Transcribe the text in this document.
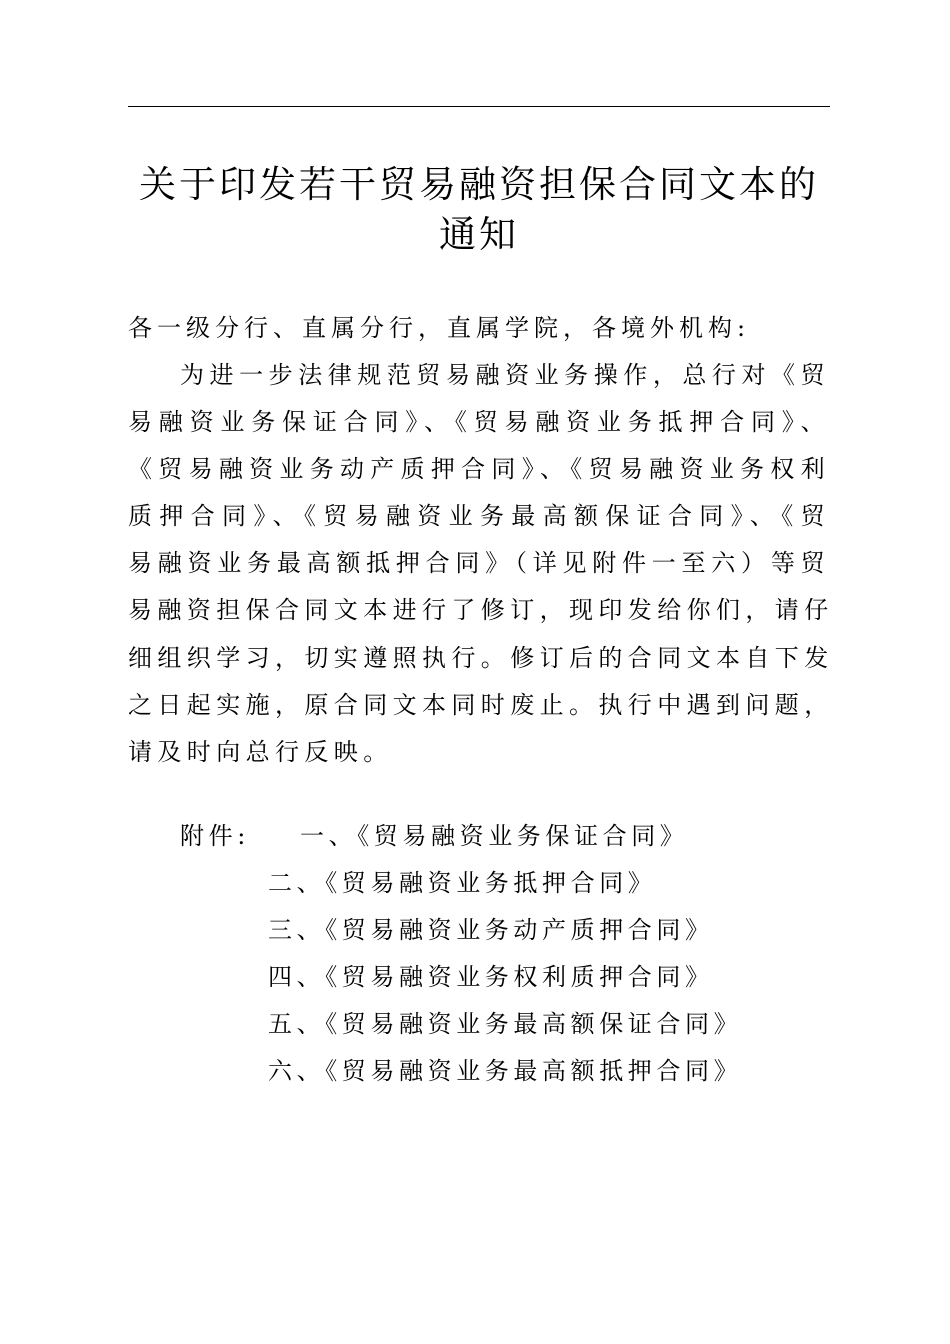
关于印发若干贸易融资担保合同文本的
通知
各一级分行、直属分行，直属学院，各境外机构:
为进一步法律规范贸易融资业务操作，总行对《贸
易融资业务保证合同》、《贸易融资业务抵押合同》、
《贸易融资业务动产质押合同》、《贸易融资业务权利
质押合同》、《贸易融资业务最高额保证合同》、《贸
易融资业务最高额抵押合同》（详见附件一至六）等贸
易融资担保合同文本进行了修订，现印发给你们，请仔
细组织学习，切实遵照执行。修订后的合同文本自下发
之日起实施，原合同文本同时废止。执行中遇到问题，
请及时向总行反映。
附件: 一、《贸易融资业务保证合同》
二、《贸易融资业务抵押合同》
三、《贸易融资业务动产质押合同》
四、《贸易融资业务权利质押合同》
五、《贸易融资业务最高额保证合同》
六、《贸易融资业务最高额抵押合同》
